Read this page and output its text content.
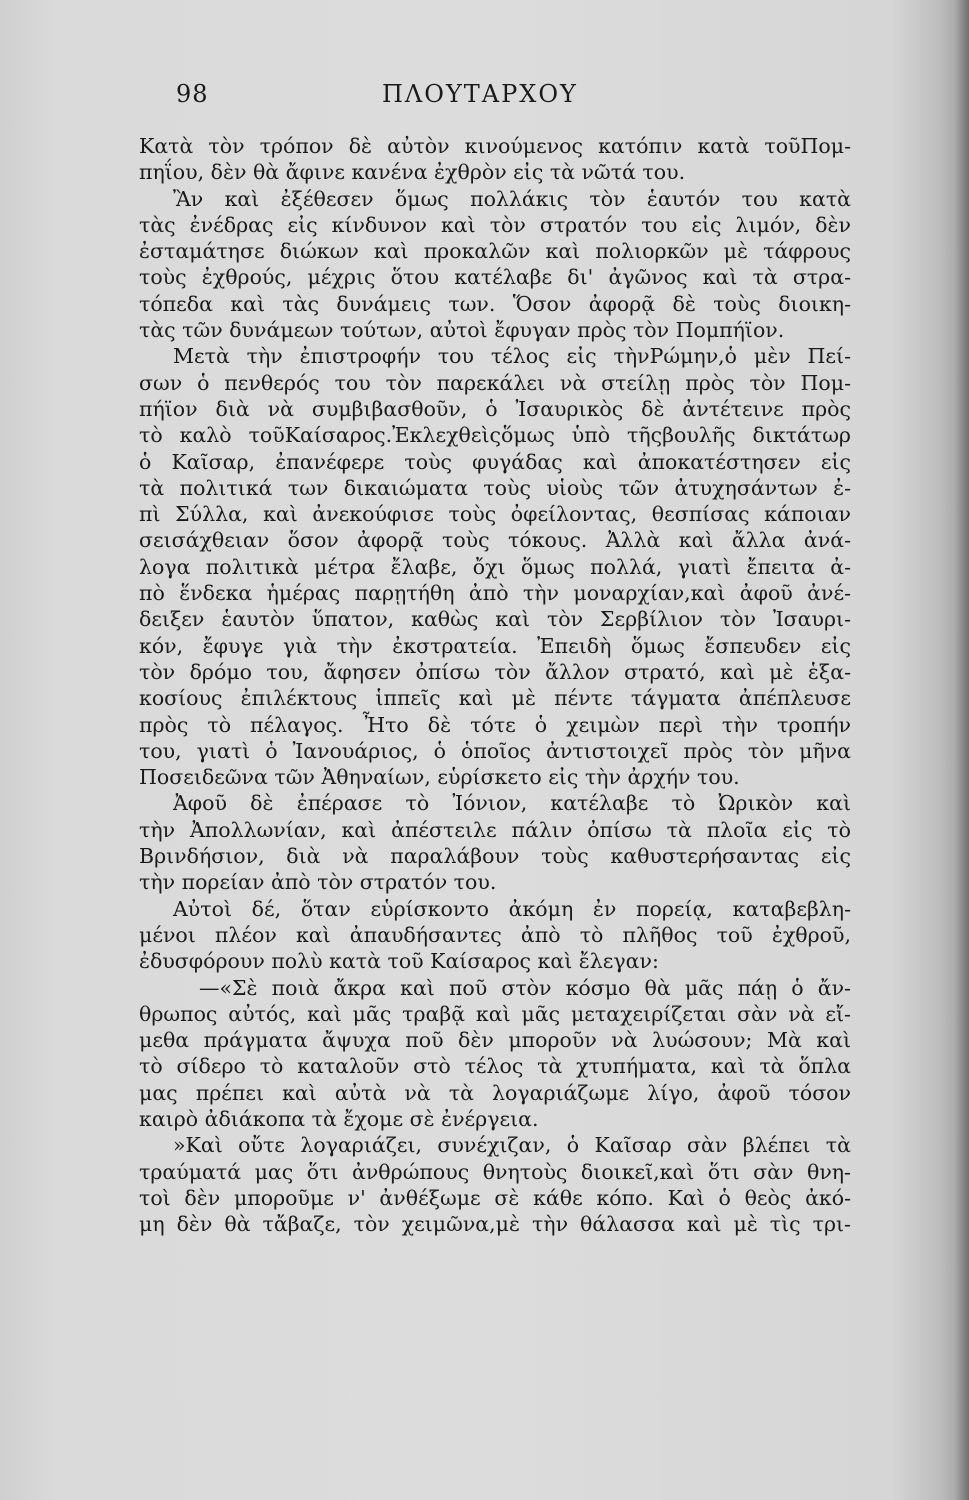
98	ΠΛΟΥΤΑΡΧΟΥ
Κατὰ τὸν τρόπον δὲ αὐτὸν κινούμενος κατόπιν κατὰ τοῦΠομ-
πηΐου, δὲν θὰ ἄφινε κανένα ἐχθρὸν εἰς τὰ νῶτά του.
Ἂν καὶ ἐξέθεσεν ὅμως πολλάκις τὸν ἑαυτόν του κατὰ
τὰς ἐνέδρας εἰς κίνδυνον καὶ τὸν στρατόν του εἰς λιμόν, δὲν
ἐσταμάτησε διώκων καὶ προκαλῶν καὶ πολιορκῶν μὲ τάφρους
τοὺς ἐχθρούς, μέχρις ὅτου κατέλαβε δι' ἀγῶνος καὶ τὰ στρα-
τόπεδα καὶ τὰς δυνάμεις των. Ὅσον ἀφορᾷ δὲ τοὺς διοικη-
τὰς τῶν δυνάμεων τούτων, αὐτοὶ ἔφυγαν πρὸς τὸν Πομπήϊον.
Μετὰ τὴν ἐπιστροφήν του τέλος εἰς τὴνΡώμην,ὁ μὲν Πεί-
σων ὁ πενθερός του τὸν παρεκάλει νὰ στείλῃ πρὸς τὸν Πομ-
πήϊον διὰ νὰ συμβιβασθοῦν, ὁ Ἰσαυρικὸς δὲ ἀντέτεινε πρὸς
τὸ καλὸ τοῦΚαίσαρος.Ἐκλεχθεὶςὅμως ὑπὸ τῆςβουλῆς δικτάτωρ
ὁ Καῖσαρ, ἐπανέφερε τοὺς φυγάδας καὶ ἀποκατέστησεν εἰς
τὰ πολιτικά των δικαιώματα τοὺς υἱοὺς τῶν ἀτυχησάντων ἐ-
πὶ Σύλλα, καὶ ἀνεκούφισε τοὺς ὀφείλοντας, θεσπίσας κάποιαν
σεισάχθειαν ὅσον ἀφορᾷ τοὺς τόκους. Ἀλλὰ καὶ ἄλλα ἀνά-
λογα πολιτικὰ μέτρα ἔλαβε, ὄχι ὅμως πολλά, γιατὶ ἔπειτα ἀ-
πὸ ἕνδεκα ἡμέρας παρῃτήθη ἀπὸ τὴν μοναρχίαν,καὶ ἀφοῦ ἀνέ-
δειξεν ἑαυτὸν ὕπατον, καθὼς καὶ τὸν Σερβίλιον τὸν Ἰσαυρι-
κόν, ἔφυγε γιὰ τὴν ἐκστρατεία. Ἐπειδὴ ὅμως ἔσπευδεν εἰς
τὸν δρόμο του, ἄφησεν ὀπίσω τὸν ἄλλον στρατό, καὶ μὲ ἑξα-
κοσίους ἐπιλέκτους ἱππεῖς καὶ μὲ πέντε τάγματα ἀπέπλευσε
πρὸς τὸ πέλαγος. Ἦτο δὲ τότε ὁ χειμὼν περὶ τὴν τροπήν
του, γιατὶ ὁ Ἰανουάριος, ὁ ὁποῖος ἀντιστοιχεῖ πρὸς τὸν μῆνα
Ποσειδεῶνα τῶν Ἀθηναίων, εὑρίσκετο εἰς τὴν ἀρχήν του.
Ἀφοῦ δὲ ἐπέρασε τὸ Ἰόνιον, κατέλαβε τὸ Ὠρικὸν καὶ
τὴν Ἀπολλωνίαν, καὶ ἀπέστειλε πάλιν ὀπίσω τὰ πλοῖα εἰς τὸ
Βρινδήσιον, διὰ νὰ παραλάβουν τοὺς καθυστερήσαντας εἰς
τὴν πορείαν ἀπὸ τὸν στρατόν του.
Αὐτοὶ δέ, ὅταν εὑρίσκοντο ἀκόμη ἐν πορείᾳ, καταβεβλη-
μένοι πλέον καὶ ἀπαυδήσαντες ἀπὸ τὸ πλῆθος τοῦ ἐχθροῦ,
ἐδυσφόρουν πολὺ κατὰ τοῦ Καίσαρος καὶ ἔλεγαν:
—«Σὲ ποιὰ ἄκρα καὶ ποῦ στὸν κόσμο θὰ μᾶς πάῃ ὁ ἄν-
θρωπος αὐτός, καὶ μᾶς τραβᾷ καὶ μᾶς μεταχειρίζεται σὰν νὰ εἴ-
μεθα πράγματα ἄψυχα ποῦ δὲν μποροῦν νὰ λυώσουν; Μὰ καὶ
τὸ σίδερο τὸ καταλοῦν στὸ τέλος τὰ χτυπήματα, καὶ τὰ ὅπλα
μας πρέπει καὶ αὐτὰ νὰ τὰ λογαριάζωμε λίγο, ἀφοῦ τόσον
καιρὸ ἀδιάκοπα τὰ ἔχομε σὲ ἐνέργεια.
»Καὶ οὔτε λογαριάζει, συνέχιζαν, ὁ Καῖσαρ σὰν βλέπει τὰ
τραύματά μας ὅτι ἀνθρώπους θνητοὺς διοικεῖ,καὶ ὅτι σὰν θνη-
τοὶ δὲν μποροῦμε ν' ἀνθέξωμε σὲ κάθε κόπο. Καὶ ὁ θεὸς ἀκό-
μη δὲν θὰ τἄβαζε, τὸν χειμῶνα,μὲ τὴν θάλασσα καὶ μὲ τὶς τρι-
